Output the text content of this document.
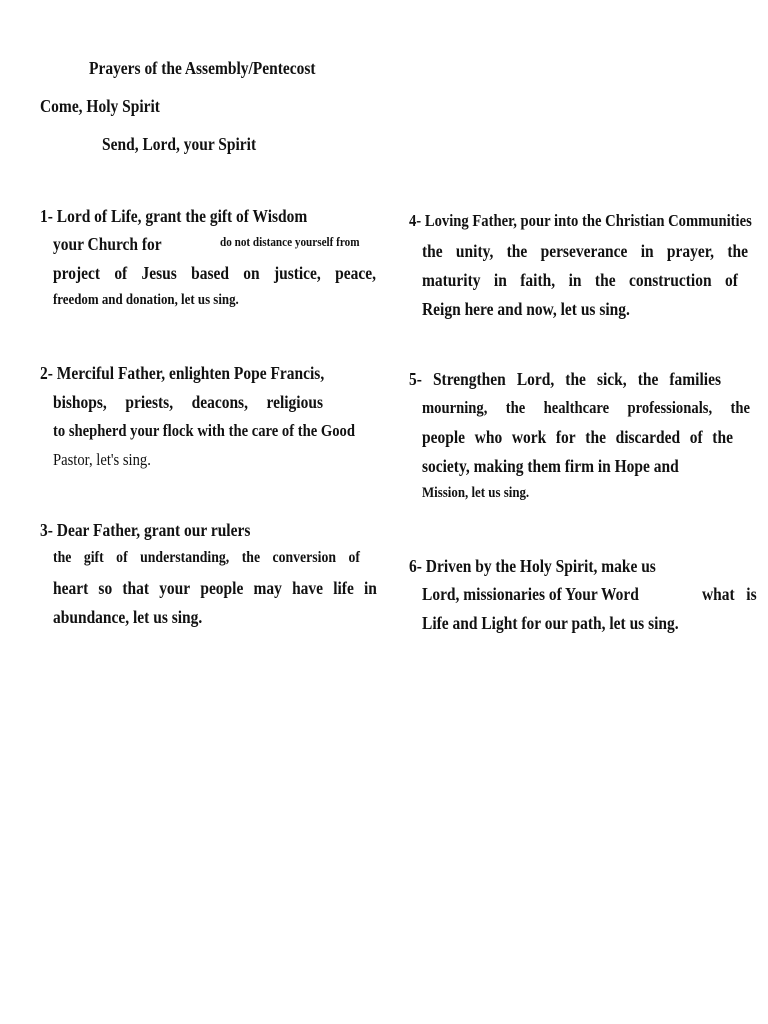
Prayers of the Assembly/Pentecost
Come, Holy Spirit
Send, Lord, your Spirit
1- Lord of Life, grant the gift of Wisdom
your Church for	do not distance yourself from
project of Jesus based on justice, peace,
freedom and donation, let us sing.
2- Merciful Father, enlighten Pope Francis,
bishops, priests, deacons, religious
to shepherd your flock with the care of the Good
Pastor, let's sing.
3- Dear Father, grant our rulers
the gift of understanding, the conversion of
heart so that your people may have life in
abundance, let us sing.
4- Loving Father, pour into the Christian Communities
the unity, the perseverance in prayer, the
maturity in faith, in the construction of
Reign here and now, let us sing.
5- Strengthen Lord, the sick, the families
mourning, the healthcare professionals, the
people who work for the discarded of the
society, making them firm in Hope and
Mission, let us sing.
6- Driven by the Holy Spirit, make us
Lord, missionaries of Your Word	what   is
Life and Light for our path, let us sing.
